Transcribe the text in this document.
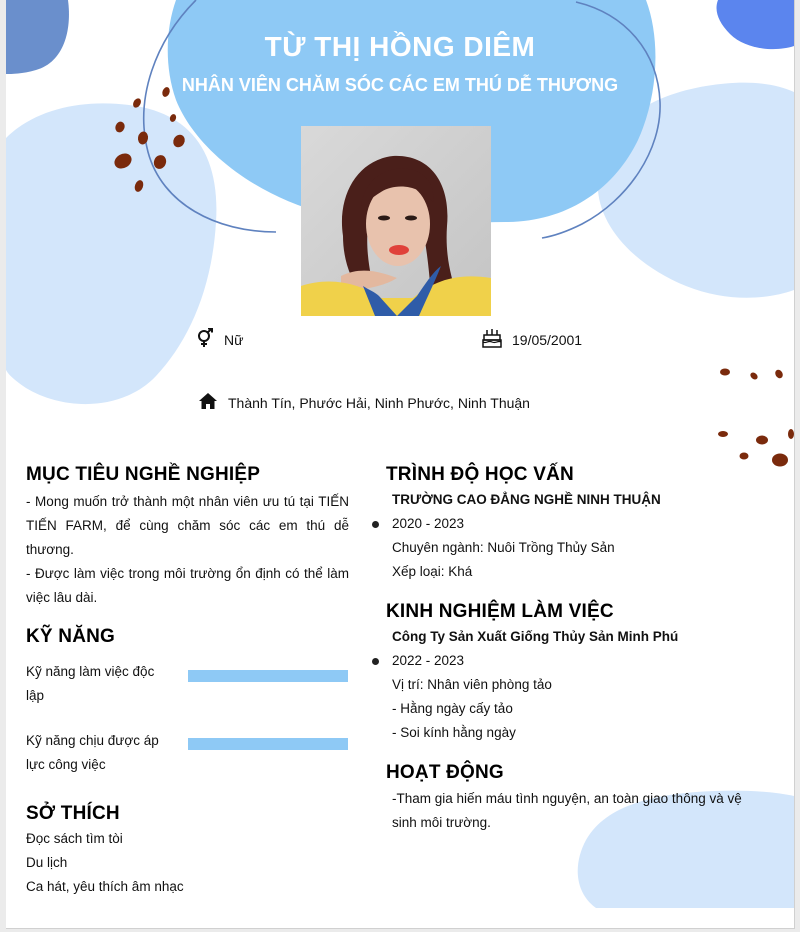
TỪ THỊ HỒNG DIÊM
NHÂN VIÊN CHĂM SÓC CÁC EM THÚ DỄ THƯƠNG
Nữ	19/05/2001
Thành Tín, Phước Hải, Ninh Phước, Ninh Thuận
MỤC TIÊU NGHỀ NGHIỆP
- Mong muốn trở thành một nhân viên ưu tú tại TIẾN TIẾN FARM, để cùng chăm sóc các em thú dễ thương.
- Được làm việc trong môi trường ổn định có thể làm việc lâu dài.
KỸ NĂNG
Kỹ năng làm việc độc lập
Kỹ năng chịu được áp lực công việc
SỞ THÍCH
Đọc sách tìm tòi
Du lịch
Ca hát, yêu thích âm nhạc
TRÌNH ĐỘ HỌC VẤN
TRƯỜNG CAO ĐẲNG NGHỀ NINH THUẬN
2020 - 2023
Chuyên ngành: Nuôi Trồng Thủy Sản
Xếp loại: Khá
KINH NGHIỆM LÀM VIỆC
Công Ty Sản Xuất Giống Thủy Sản Minh Phú
2022 - 2023
Vị trí: Nhân viên phòng tảo
- Hằng ngày cấy tảo
- Soi kính hằng ngày
HOẠT ĐỘNG
-Tham gia hiến máu tình nguyện, an toàn giao thông và vệ sinh môi trường.
